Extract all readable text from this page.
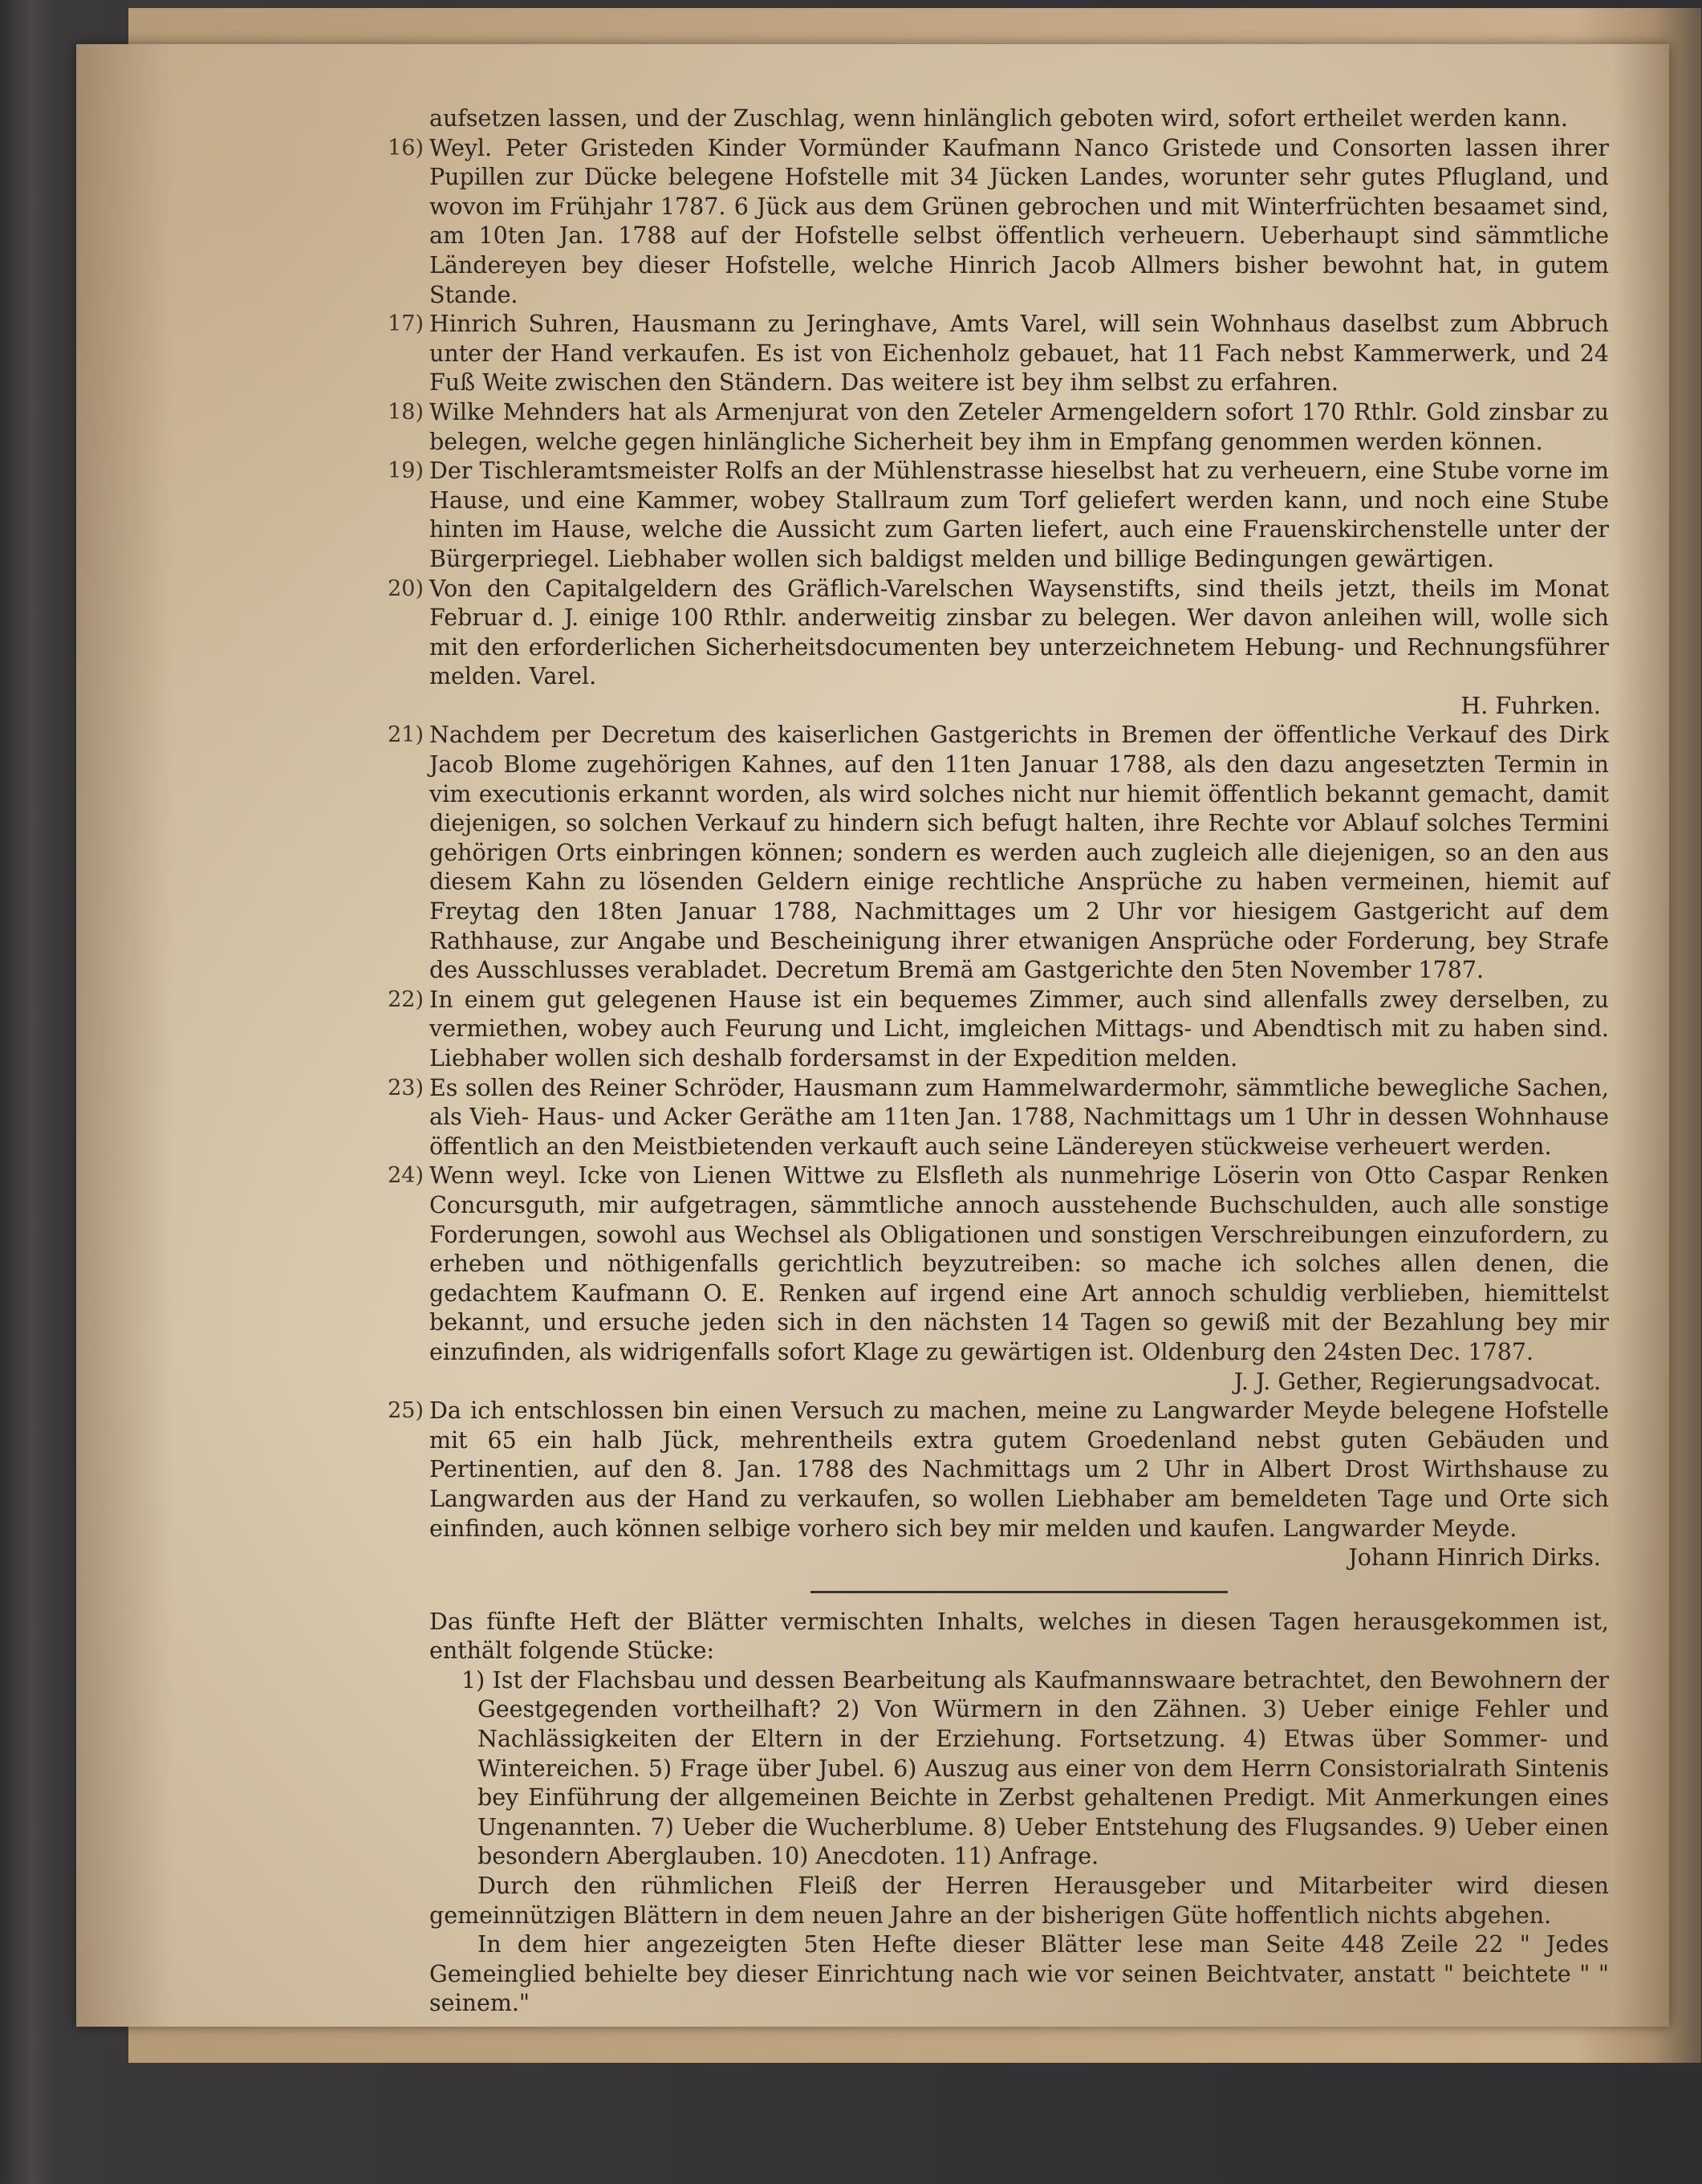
aufsetzen lassen, und der Zuschlag, wenn hinlänglich geboten wird, sofort ertheilet werden kann.

16 ) Weyl. Peter Gristeden Kinder Vormünder Kaufmann Nanco Gristede und Consorten lassen ihrer Pupillen zur Dücke belegene Hofstelle mit 34 Jücken Landes, worunter sehr gutes Pflugland, und wovon im Frühjahr 1787. 6 Jück aus dem Grünen gebrochen und mit Winterfrüchten besaamet sind, am 10ten Jan. 1788 auf der Hofstelle selbst öffentlich verheuern. Ueberhaupt sind sämmtliche Ländereyen bey dieser Hofstelle, welche Hinrich Jacob Allmers bisher bewohnt hat, in gutem Stande.

17 ) Hinrich Suhren, Hausmann zu Jeringhave, Amts Varel, will sein Wohnhaus daselbst zum Abbruch unter der Hand verkaufen. Es ist von Eichenholz gebauet, hat 11 Fach nebst Kammerwerk, und 24 Fuß Weite zwischen den Ständern. Das weitere ist bey ihm selbst zu erfahren.

18 ) Wilke Mehnders hat als Armenjurat von den Zeteler Armengeldern sofort 170 Rthlr. Gold zinsbar zu belegen, welche gegen hinlängliche Sicherheit bey ihm in Empfang genommen werden können.

19 ) Der Tischleramtsmeister Rolfs an der Mühlenstrasse hieselbst hat zu verheuern, eine Stube vorne im Hause, und eine Kammer, wobey Stallraum zum Torf geliefert werden kann, und noch eine Stube hinten im Hause, welche die Aussicht zum Garten liefert, auch eine Frauenskirchenstelle unter der Bürgerpriegel. Liebhaber wollen sich baldigst melden und billige Bedingungen gewärtigen.

20 ) Von den Capitalgeldern des Gräflich-Varelschen Waysenstifts, sind theils jetzt, theils im Monat Februar d. J. einige 100 Rthlr. anderweitig zinsbar zu belegen. Wer davon anleihen will, wolle sich mit den erforderlichen Sicherheitsdocumenten bey unterzeichnetem Hebung- und Rechnungsführer melden. Varel.
H. Fuhrken.

21 ) Nachdem per Decretum des kaiserlichen Gastgerichts in Bremen der öffentliche Verkauf des Dirk Jacob Blome zugehörigen Kahnes, auf den 11ten Januar 1788, als den dazu angesetzten Termin in vim executionis erkannt worden, als wird solches nicht nur hiemit öffentlich bekannt gemacht, damit diejenigen, so solchen Verkauf zu hindern sich befugt halten, ihre Rechte vor Ablauf solches Termini gehörigen Orts einbringen können; sondern es werden auch zugleich alle diejenigen, so an den aus diesem Kahn zu lösenden Geldern einige rechtliche Ansprüche zu haben vermeinen, hiemit auf Freytag den 18ten Januar 1788, Nachmittages um 2 Uhr vor hiesigem Gastgericht auf dem Rathhause, zur Angabe und Bescheinigung ihrer etwanigen Ansprüche oder Forderung, bey Strafe des Ausschlusses verabladet. Decretum Bremä am Gastgerichte den 5ten November 1787.

22 ) In einem gut gelegenen Hause ist ein bequemes Zimmer, auch sind allenfalls zwey derselben, zu vermiethen, wobey auch Feurung und Licht, imgleichen Mittags- und Abendtisch mit zu haben sind. Liebhaber wollen sich deshalb fordersamst in der Expedition melden.

23 ) Es sollen des Reiner Schröder, Hausmann zum Hammelwardermohr, sämmtliche bewegliche Sachen, als Vieh- Haus- und Acker Geräthe am 11ten Jan. 1788, Nachmittags um 1 Uhr in dessen Wohnhause öffentlich an den Meistbietenden verkauft auch seine Ländereyen stückweise verheuert werden.

24 ) Wenn weyl. Icke von Lienen Wittwe zu Elsfleth als nunmehrige Löserin von Otto Caspar Renken Concursguth, mir aufgetragen, sämmtliche annoch ausstehende Buchschulden, auch alle sonstige Forderungen, sowohl aus Wechsel als Obligationen und sonstigen Verschreibungen einzufordern, zu erheben und nöthigenfalls gerichtlich beyzutreiben: so mache ich solches allen denen, die gedachtem Kaufmann O. E. Renken auf irgend eine Art annoch schuldig verblieben, hiemittelst bekannt, und ersuche jeden sich in den nächsten 14 Tagen so gewiß mit der Bezahlung bey mir einzufinden, als widrigenfalls sofort Klage zu gewärtigen ist. Oldenburg den 24sten Dec. 1787.
J. J. Gether, Regierungsadvocat.

25 ) Da ich entschlossen bin einen Versuch zu machen, meine zu Langwarder Meyde belegene Hofstelle mit 65 ein halb Jück, mehrentheils extra gutem Groedenland nebst guten Gebäuden und Pertinentien, auf den 8. Jan. 1788 des Nachmittags um 2 Uhr in Albert Drost Wirthshause zu Langwarden aus der Hand zu verkaufen, so wollen Liebhaber am bemeldeten Tage und Orte sich einfinden, auch können selbige vorhero sich bey mir melden und kaufen. Langwarder Meyde.
Johann Hinrich Dirks.

Das fünfte Heft der Blätter vermischten Inhalts, welches in diesen Tagen herausgekommen ist, enthält folgende Stücke:

1) Ist der Flachsbau und dessen Bearbeitung als Kaufmannswaare betrachtet, den Bewohnern der Geestgegenden vortheilhaft? 2) Von Würmern in den Zähnen. 3) Ueber einige Fehler und Nachlässigkeiten der Eltern in der Erziehung. Fortsetzung. 4) Etwas über Sommer- und Wintereichen. 5) Frage über Jubel. 6) Auszug aus einer von dem Herrn Consistorialrath Sintenis bey Einführung der allgemeinen Beichte in Zerbst gehaltenen Predigt. Mit Anmerkungen eines Ungenannten. 7) Ueber die Wucherblume. 8) Ueber Entstehung des Flugsandes. 9) Ueber einen besondern Aberglauben. 10) Anecdoten. 11) Anfrage.

Durch den rühmlichen Fleiß der Herren Herausgeber und Mitarbeiter wird diesen gemeinnützigen Blättern in dem neuen Jahre an der bisherigen Güte hoffentlich nichts abgehen.

In dem hier angezeigten 5ten Hefte dieser Blätter lese man Seite 448 Zeile 22 " Jedes Gemeinglied behielte bey dieser Einrichtung nach wie vor seinen Beichtvater, anstatt " beichtete " " seinem."
